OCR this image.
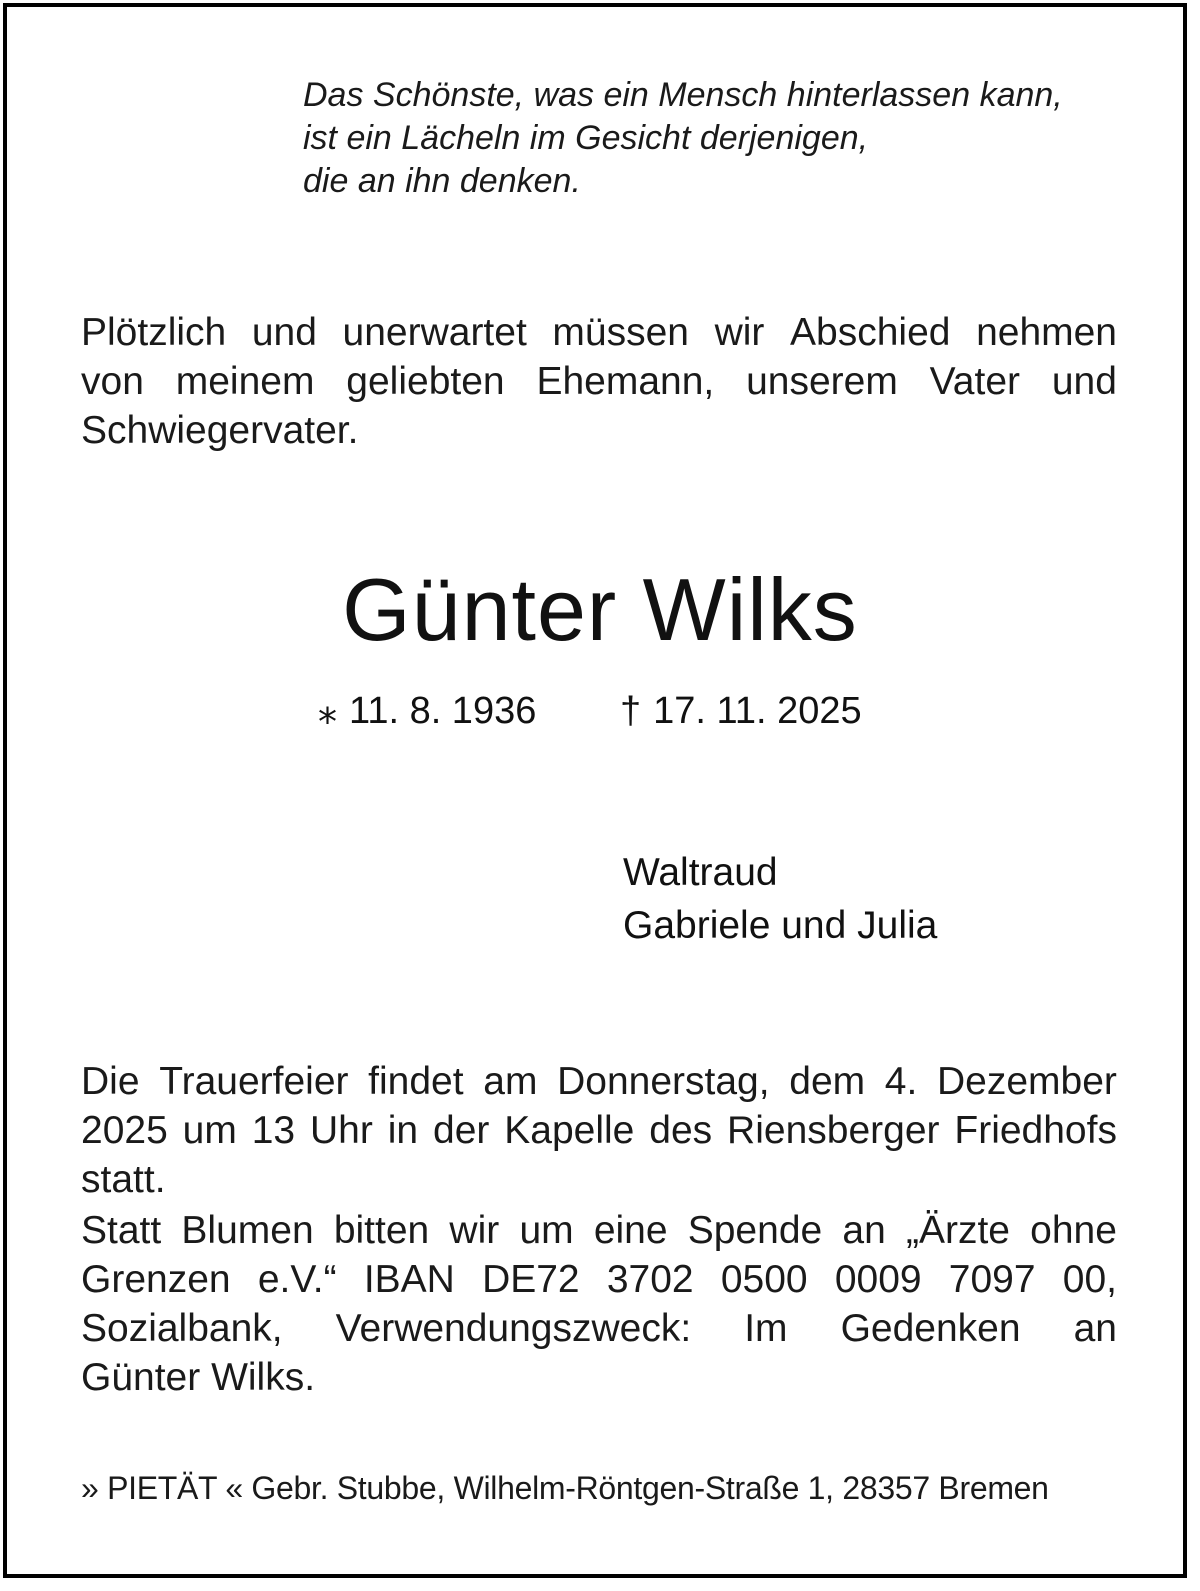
Das Schönste, was ein Mensch hinterlassen kann,
ist ein Lächeln im Gesicht derjenigen,
die an ihn denken.
Plötzlich und unerwartet müssen wir Abschied nehmen
von meinem geliebten Ehemann, unserem Vater und
Schwiegervater.
Günter Wilks
⁎ 11. 8. 1936 † 17. 11. 2025
Waltraud
Gabriele und Julia
Die Trauerfeier findet am Donnerstag, dem 4. Dezember
2025 um 13 Uhr in der Kapelle des Riensberger Friedhofs
statt.
Statt Blumen bitten wir um eine Spende an „Ärzte ohne
Grenzen e.V.“ IBAN DE72 3702 0500 0009 7097 00,
Sozialbank, Verwendungszweck: Im Gedenken an
Günter Wilks.
» PIETÄT « Gebr. Stubbe, Wilhelm-Röntgen-Straße 1, 28357 Bremen
